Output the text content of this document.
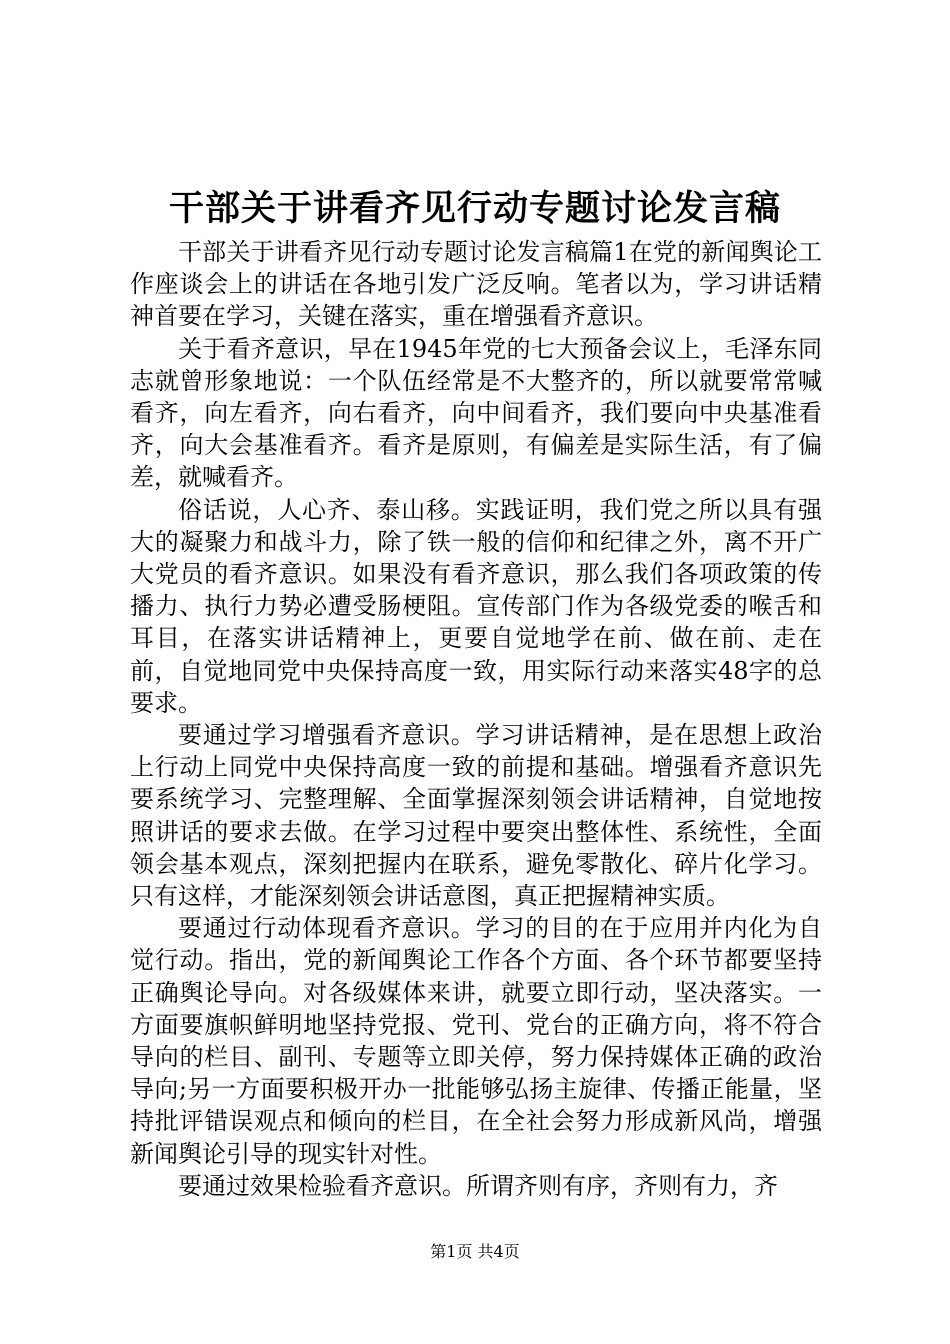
干部关于讲看齐见行动专题讨论发言稿

干部关于讲看齐见行动专题讨论发言稿篇1在党的新闻舆论工作座谈会上的讲话在各地引发广泛反响。笔者以为，学习讲话精神首要在学习，关键在落实，重在增强看齐意识。

关于看齐意识，早在1945年党的七大预备会议上，毛泽东同志就曾形象地说：一个队伍经常是不大整齐的，所以就要常常喊看齐，向左看齐，向右看齐，向中间看齐，我们要向中央基准看齐，向大会基准看齐。看齐是原则，有偏差是实际生活，有了偏差，就喊看齐。

俗话说，人心齐、泰山移。实践证明，我们党之所以具有强大的凝聚力和战斗力，除了铁一般的信仰和纪律之外，离不开广大党员的看齐意识。如果没有看齐意识，那么我们各项政策的传播力、执行力势必遭受肠梗阻。宣传部门作为各级党委的喉舌和耳目，在落实讲话精神上，更要自觉地学在前、做在前、走在前，自觉地同党中央保持高度一致，用实际行动来落实48字的总要求。

要通过学习增强看齐意识。学习讲话精神，是在思想上政治上行动上同党中央保持高度一致的前提和基础。增强看齐意识先要系统学习、完整理解、全面掌握深刻领会讲话精神，自觉地按照讲话的要求去做。在学习过程中要突出整体性、系统性，全面领会基本观点，深刻把握内在联系，避免零散化、碎片化学习。只有这样，才能深刻领会讲话意图，真正把握精神实质。

要通过行动体现看齐意识。学习的目的在于应用并内化为自觉行动。指出，党的新闻舆论工作各个方面、各个环节都要坚持正确舆论导向。对各级媒体来讲，就要立即行动，坚决落实。一方面要旗帜鲜明地坚持党报、党刊、党台的正确方向，将不符合导向的栏目、副刊、专题等立即关停，努力保持媒体正确的政治导向;另一方面要积极开办一批能够弘扬主旋律、传播正能量，坚持批评错误观点和倾向的栏目，在全社会努力形成新风尚，增强新闻舆论引导的现实针对性。

要通过效果检验看齐意识。所谓齐则有序，齐则有力，齐

第1页 共4页
